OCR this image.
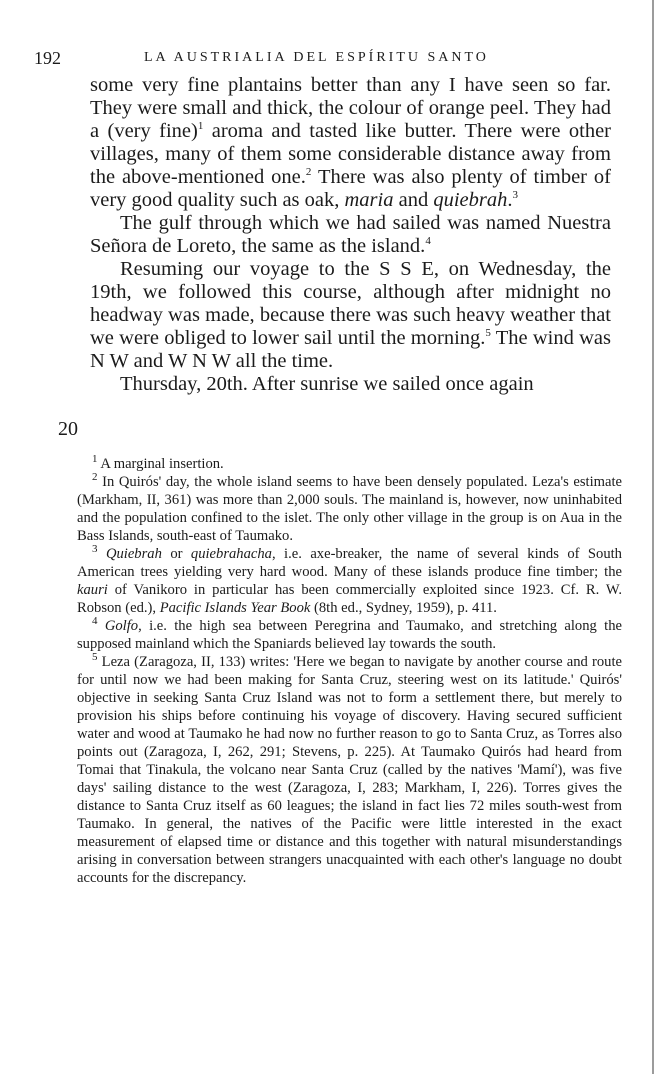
192	LA AUSTRIALIA DEL ESPÍRITU SANTO

some very fine plantains better than any I have seen so far. They were small and thick, the colour of orange peel. They had a (very fine)$^1$ aroma and tasted like butter. There were other villages, many of them some considerable distance away from the above-mentioned one.$^2$ There was also plenty of timber of very good quality such as oak, maria and quiebrah.$^3$

The gulf through which we had sailed was named Nuestra Señora de Loreto, the same as the island.$^4$

Resuming our voyage to the S S E, on Wednesday, the 19th, we followed this course, although after midnight no headway was made, because there was such heavy weather that we were obliged to lower sail until the morning.$^5$ The wind was N W and W N W all the time.

Thursday, 20th. After sunrise we sailed once again

20

$^1$ A marginal insertion.

$^2$ In Quirós' day, the whole island seems to have been densely populated. Leza's estimate (Markham, II, 361) was more than 2,000 souls. The mainland is, however, now uninhabited and the population confined to the islet. The only other village in the group is on Aua in the Bass Islands, south-east of Taumako.

$^3$ Quiebrah or quiebrahacha, i.e. axe-breaker, the name of several kinds of South American trees yielding very hard wood. Many of these islands produce fine timber; the kauri of Vanikoro in particular has been commercially exploited since 1923. Cf. R. W. Robson (ed.), Pacific Islands Year Book (8th ed., Sydney, 1959), p. 411.

$^4$ Golfo, i.e. the high sea between Peregrina and Taumako, and stretching along the supposed mainland which the Spaniards believed lay towards the south.

$^5$ Leza (Zaragoza, II, 133) writes: 'Here we began to navigate by another course and route for until now we had been making for Santa Cruz, steering west on its latitude.' Quirós' objective in seeking Santa Cruz Island was not to form a settlement there, but merely to provision his ships before continuing his voyage of discovery. Having secured sufficient water and wood at Taumako he had now no further reason to go to Santa Cruz, as Torres also points out (Zaragoza, I, 262, 291; Stevens, p. 225). At Taumako Quirós had heard from Tomai that Tinakula, the volcano near Santa Cruz (called by the natives 'Mamí'), was five days' sailing distance to the west (Zaragoza, I, 283; Markham, I, 226). Torres gives the distance to Santa Cruz itself as 60 leagues; the island in fact lies 72 miles south-west from Taumako. In general, the natives of the Pacific were little interested in the exact measurement of elapsed time or distance and this together with natural misunderstandings arising in conversation between strangers unacquainted with each other's language no doubt accounts for the discrepancy.
